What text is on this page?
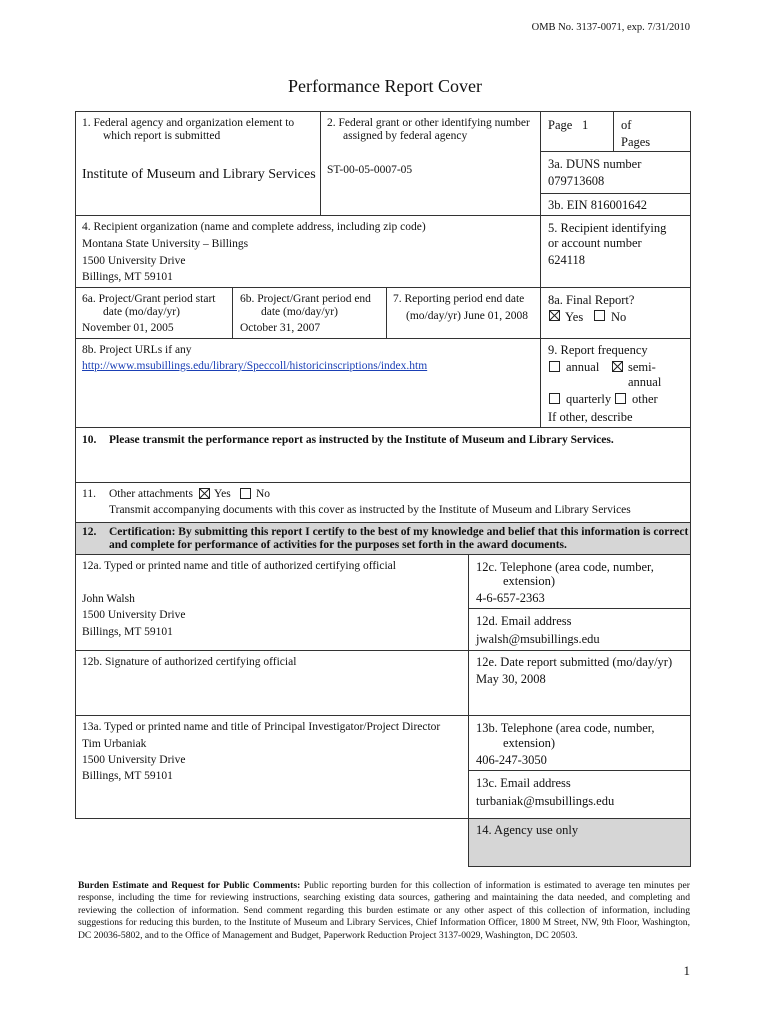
OMB No. 3137-0071, exp. 7/31/2010
Performance Report Cover
1. Federal agency and organization element to
which report is submitted
Institute of Museum and Library Services
2. Federal grant or other identifying number
assigned by federal agency
ST-00-05-0007-05
Page 1	of
Pages
3a. DUNS number
079713608
3b. EIN 816001642
4. Recipient organization (name and complete address, including zip code)
Montana State University – Billings
1500 University Drive
Billings, MT 59101
5. Recipient identifying
or account number
624118
6a. Project/Grant period start
date (mo/day/yr)
November 01, 2005
6b. Project/Grant period end
date (mo/day/yr)
October 31, 2007
7. Reporting period end date
(mo/day/yr) June 01, 2008
8a. Final Report?
Yes No
8b. Project URLs if any
http://www.msubillings.edu/library/Speccoll/historicinscriptions/index.htm
9. Report frequency
annual semi-
annual
quarterly other
If other, describe
10. Please transmit the performance report as instructed by the Institute of Museum and Library Services.
11. Other attachments Yes No
Transmit accompanying documents with this cover as instructed by the Institute of Museum and Library Services
12. Certification: By submitting this report I certify to the best of my knowledge and belief that this information is correct
and complete for performance of activities for the purposes set forth in the award documents.
12a. Typed or printed name and title of authorized certifying official
John Walsh
1500 University Drive
Billings, MT 59101
12c. Telephone (area code, number,
extension)
4-6-657-2363
12d. Email address
jwalsh@msubillings.edu
12b. Signature of authorized certifying official	12e. Date report submitted (mo/day/yr)
May 30, 2008
13a. Typed or printed name and title of Principal Investigator/Project Director
Tim Urbaniak
1500 University Drive
Billings, MT 59101
13b. Telephone (area code, number,
extension)
406-247-3050
13c. Email address
turbaniak@msubillings.edu
14. Agency use only
Burden Estimate and Request for Public Comments: Public reporting burden for this collection of information is estimated to average ten minutes per response, including the time for reviewing instructions, searching existing data sources, gathering and maintaining the data needed, and completing and reviewing the collection of information. Send comment regarding this burden estimate or any other aspect of this collection of information, including suggestions for reducing this burden, to the Institute of Museum and Library Services, Chief Information Officer, 1800 M Street, NW, 9th Floor, Washington, DC 20036-5802, and to the Office of Management and Budget, Paperwork Reduction Project 3137-0029, Washington, DC 20503.
1
